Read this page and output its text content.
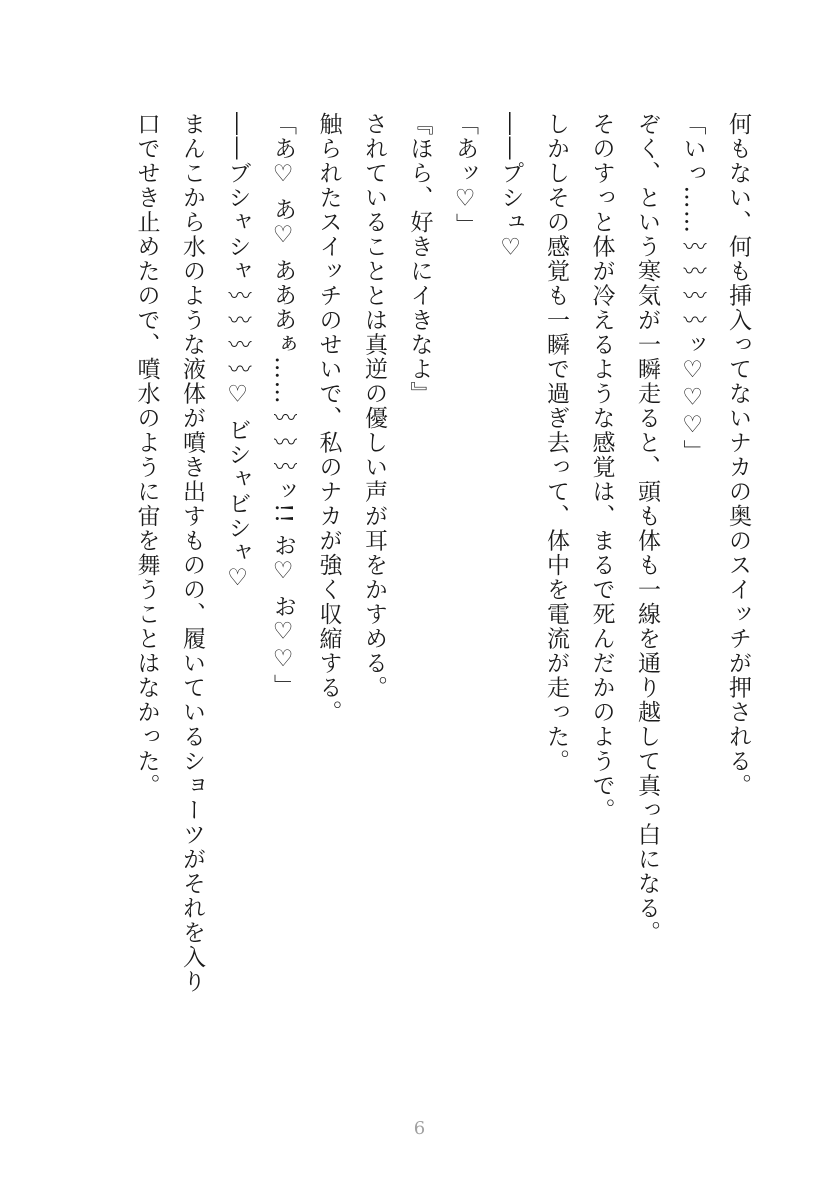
何もない、何も挿入ってないナカの奥のスイッチが押される。

「いっ……〰〰〰〰ッ♡♡♡」

ぞく、という寒気が一瞬走ると、頭も体も一線を通り越して真っ白になる。

そのすっと体が冷えるような感覚は、まるで死んだかのようで。

しかしその感覚も一瞬で過ぎ去って、体中を電流が走った。

――プシュ♡

「あッ♡」

『ほら、好きにイきなよ』

されていることとは真逆の優しい声が耳をかすめる。

触られたスイッチのせいで、私のナカが強く収縮する。

「あ♡ あ♡ あああぁ……〰〰〰ッ!! お♡ お♡♡」

――ブシャシャ〰〰〰〰♡ ビシャビシャ♡

まんこから水のような液体が噴き出すものの、履いているショーツがそれを入り

口でせき止めたので、噴水のように宙を舞うことはなかった。

6
